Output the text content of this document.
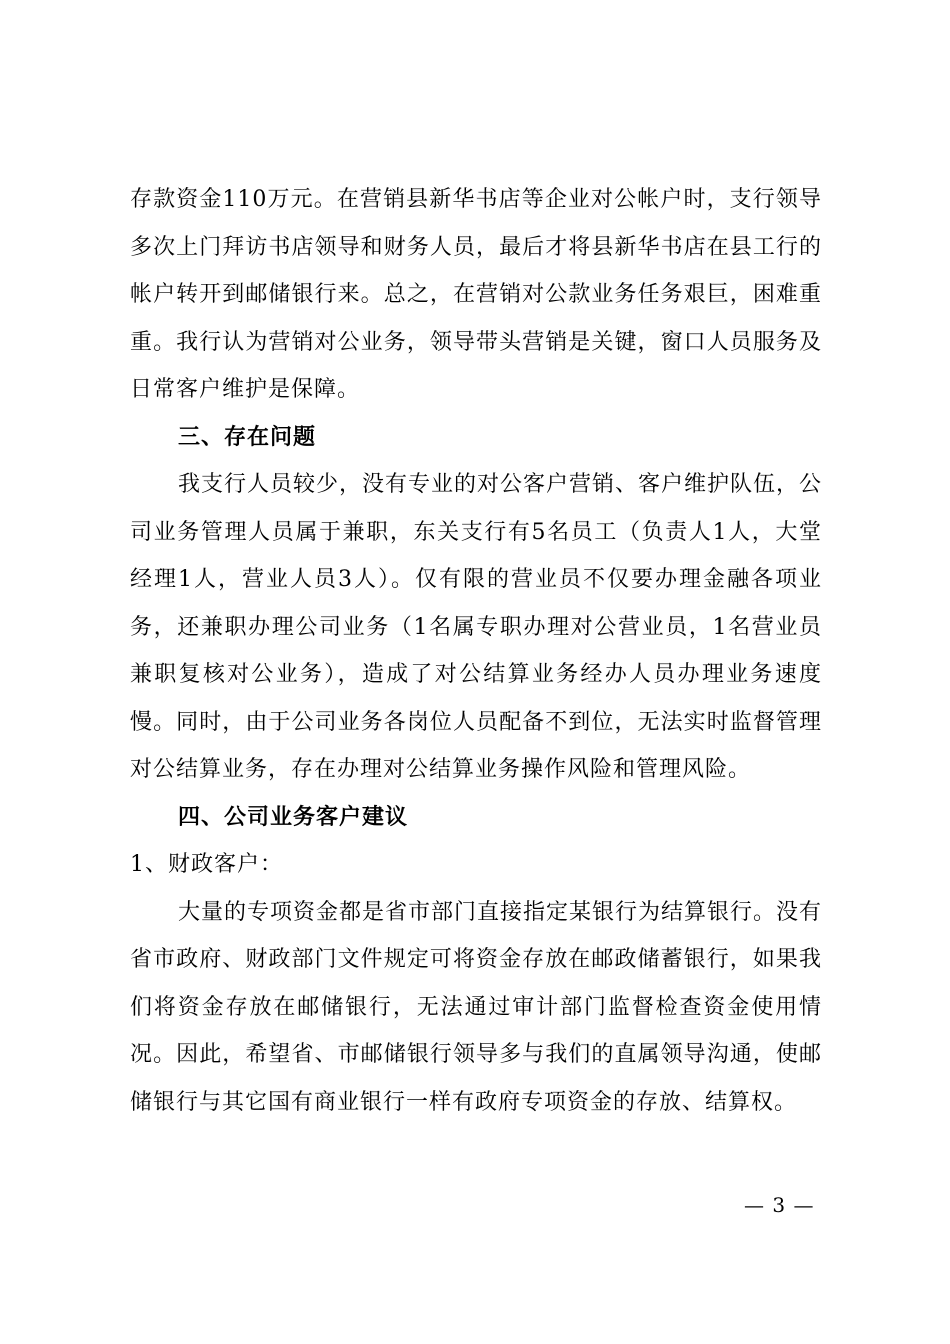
存款资金110万元。在营销县新华书店等企业对公帐户时，支行领导多次上门拜访书店领导和财务人员，最后才将县新华书店在县工行的帐户转开到邮储银行来。总之，在营销对公款业务任务艰巨，困难重重。我行认为营销对公业务，领导带头营销是关键，窗口人员服务及日常客户维护是保障。

三、存在问题

我支行人员较少，没有专业的对公客户营销、客户维护队伍，公司业务管理人员属于兼职，东关支行有5名员工（负责人1人，大堂经理1人，营业人员3人）。仅有限的营业员不仅要办理金融各项业务，还兼职办理公司业务（1名属专职办理对公营业员，1名营业员兼职复核对公业务），造成了对公结算业务经办人员办理业务速度慢。同时，由于公司业务各岗位人员配备不到位，无法实时监督管理对公结算业务，存在办理对公结算业务操作风险和管理风险。

四、公司业务客户建议

1、财政客户：

大量的专项资金都是省市部门直接指定某银行为结算银行。没有省市政府、财政部门文件规定可将资金存放在邮政储蓄银行，如果我们将资金存放在邮储银行，无法通过审计部门监督检查资金使用情况。因此，希望省、市邮储银行领导多与我们的直属领导沟通，使邮储银行与其它国有商业银行一样有政府专项资金的存放、结算权。

— 3 —
